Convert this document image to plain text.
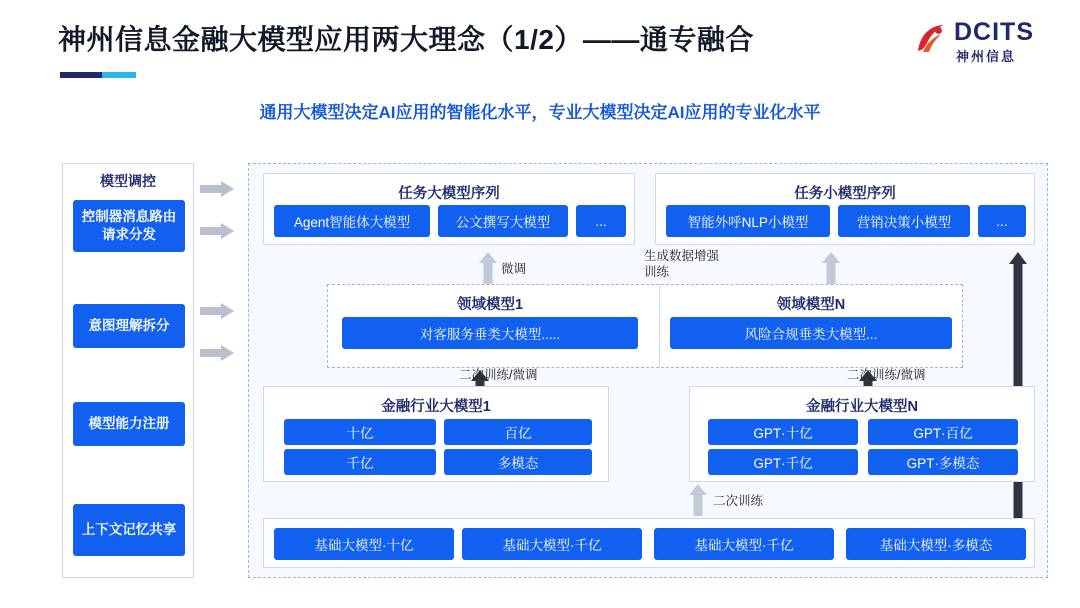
神州信息金融大模型应用两大理念（1/2）——通专融合	DCITS
神州信息
通用大模型决定AI应用的智能化水平，专业大模型决定AI应用的专业化水平
模型调控
控制器消息路由请求分发
意图理解拆分
模型能力注册
上下文记忆共享
任务大模型序列
Agent智能体大模型	公文撰写大模型	...
任务小模型序列
智能外呼NLP小模型	营销决策小模型	...
微调
生成数据增强
训练
领域模型1
对客服务垂类大模型.....
领域模型N
风险合规垂类大模型...
二次训练/微调	二次训练/微调
金融行业大模型1
十亿	百亿
千亿	多模态
金融行业大模型N
GPT·十亿	GPT·百亿
GPT·千亿	GPT·多模态
二次训练
基础大模型·十亿	基础大模型·千亿	基础大模型·千亿	基础大模型·多模态
